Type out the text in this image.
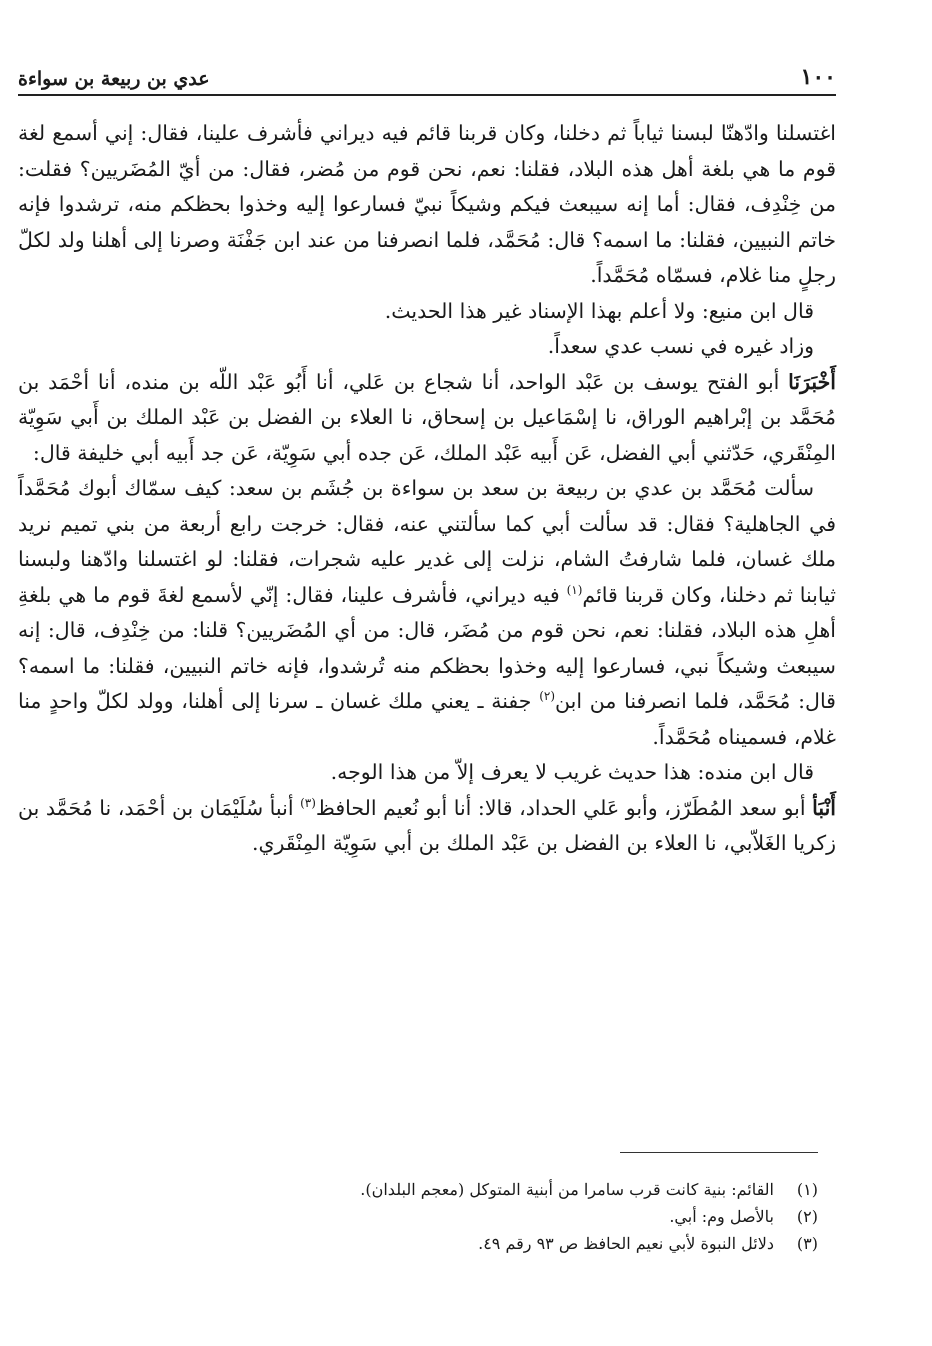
١٠٠
عدي بن ربيعة بن سواءة

اغتسلنا وادّهنّا لبسنا ثياباً ثم دخلنا، وكان قربنا قائم فيه ديراني فأشرف علينا، فقال: إني أسمع لغة قوم ما هي بلغة أهل هذه البلاد، فقلنا: نعم، نحن قوم من مُضر، فقال: من أيّ المُضَريين؟ فقلت: من خِنْدِف، فقال: أما إنه سيبعث فيكم وشيكاً نبيّ فسارعوا إليه وخذوا بحظكم منه، ترشدوا فإنه خاتم النبيين، فقلنا: ما اسمه؟ قال: مُحَمَّد، فلما انصرفنا من عند ابن جَفْنَة وصرنا إلى أهلنا ولد لكلّ رجلٍ منا غلام، فسمّاه مُحَمَّداً.

قال ابن منيع: ولا أعلم بهذا الإسناد غير هذا الحديث.

وزاد غيره في نسب عدي سعداً.

أَخْبَرَنَا أبو الفتح يوسف بن عَبْد الواحد، أنا شجاع بن عَلي، أنا أَبُو عَبْد اللّه بن منده، أنا أحْمَد بن مُحَمَّد بن إبْراهيم الوراق، نا إسْمَاعيل بن إسحاق، نا العلاء بن الفضل بن عَبْد الملك بن أَبي سَوِيّة المِنْقَري، حَدّثني أبي الفضل، عَن أَبيه عَبْد الملك، عَن جده أبي سَوِيّة، عَن جد أَبيه أبي خليفة قال:

سألت مُحَمَّد بن عدي بن ربيعة بن سعد بن سواءة بن جُشَم بن سعد: كيف سمّاك أبوك مُحَمَّداً في الجاهلية؟ فقال: قد سألت أبي كما سألتني عنه، فقال: خرجت رابع أربعة من بني تميم نريد ملك غسان، فلما شارفتُ الشام، نزلت إلى غدير عليه شجرات، فقلنا: لو اغتسلنا وادّهنا ولبسنا ثيابنا ثم دخلنا، وكان قربنا قائم$^{(١)}$ فيه ديراني، فأشرف علينا، فقال: إنّي لأسمع لغةَ قوم ما هي بلغةِ أهلِ هذه البلاد، فقلنا: نعم، نحن قوم من مُضَر، قال: من أي المُضَريين؟ قلنا: من خِنْدِف، قال: إنه سيبعث وشيكاً نبي، فسارعوا إليه وخذوا بحظكم منه تُرشدوا، فإنه خاتم النبيين، فقلنا: ما اسمه؟ قال: مُحَمَّد، فلما انصرفنا من ابن$^{(٢)}$ جفنة ـ يعني ملك غسان ـ سرنا إلى أهلنا، وولد لكلّ واحدٍ منا غلام، فسميناه مُحَمَّداً.

قال ابن منده: هذا حديث غريب لا يعرف إلاّ من هذا الوجه.

أَنْبَأ أبو سعد المُطَرّز، وأبو عَلي الحداد، قالا: أنا أبو نُعيم الحافظ$^{(٣)}$ أنبأ سُلَيْمَان بن أحْمَد، نا مُحَمَّد بن زكريا الغَلاّبي، نا العلاء بن الفضل بن عَبْد الملك بن أبي سَوِيّة المِنْقَري.

(١)
القائم: بنية كانت قرب سامرا من أبنية المتوكل (معجم البلدان).
(٢)
بالأصل وم: أبي.
(٣)
دلائل النبوة لأبي نعيم الحافظ ص ٩٣ رقم ٤٩.
